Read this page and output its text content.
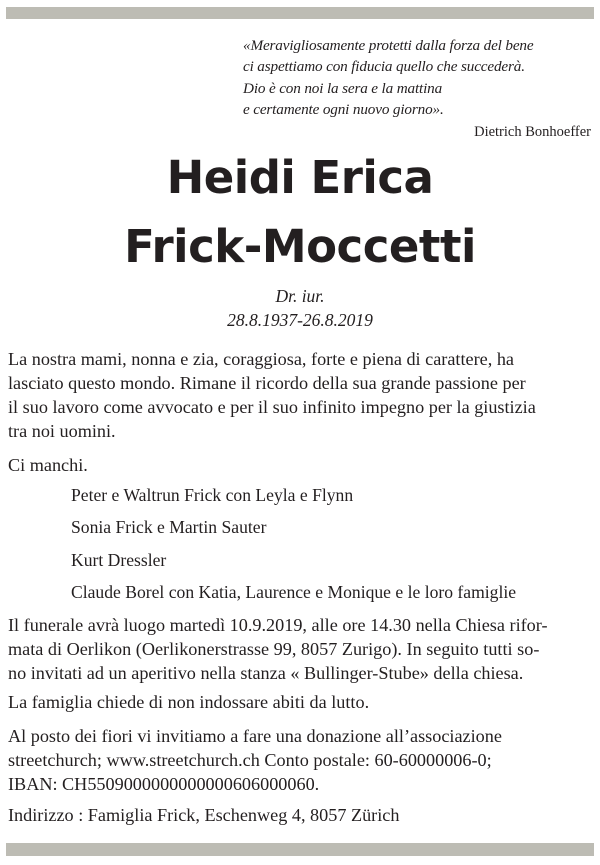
«Meravigliosamente protetti dalla forza del bene
ci aspettiamo con fiducia quello che succederà.
Dio è con noi la sera e la mattina
e certamente ogni nuovo giorno».
Dietrich Bonhoeffer
Heidi Erica
Frick-Moccetti
Dr. iur.
28.8.1937-26.8.2019
La nostra mami, nonna e zia, coraggiosa, forte e piena di carattere, ha
lasciato questo mondo. Rimane il ricordo della sua grande passione per
il suo lavoro come avvocato e per il suo infinito impegno per la giustizia
tra noi uomini.
Ci manchi.
Peter e Waltrun Frick con Leyla e Flynn
Sonia Frick e Martin Sauter
Kurt Dressler
Claude Borel con Katia, Laurence e Monique e le loro famiglie
Il funerale avrà luogo martedì 10.9.2019, alle ore 14.30 nella Chiesa rifor-
mata di Oerlikon (Oerlikonerstrasse 99, 8057 Zurigo). In seguito tutti so-
no invitati ad un aperitivo nella stanza « Bullinger-Stube» della chiesa.
La famiglia chiede di non indossare abiti da lutto.
Al posto dei fiori vi invitiamo a fare una donazione all’associazione
streetchurch; www.streetchurch.ch Conto postale: 60-60000006-0;
IBAN: CH5509000000000000606000060.
Indirizzo : Famiglia Frick, Eschenweg 4, 8057 Zürich
